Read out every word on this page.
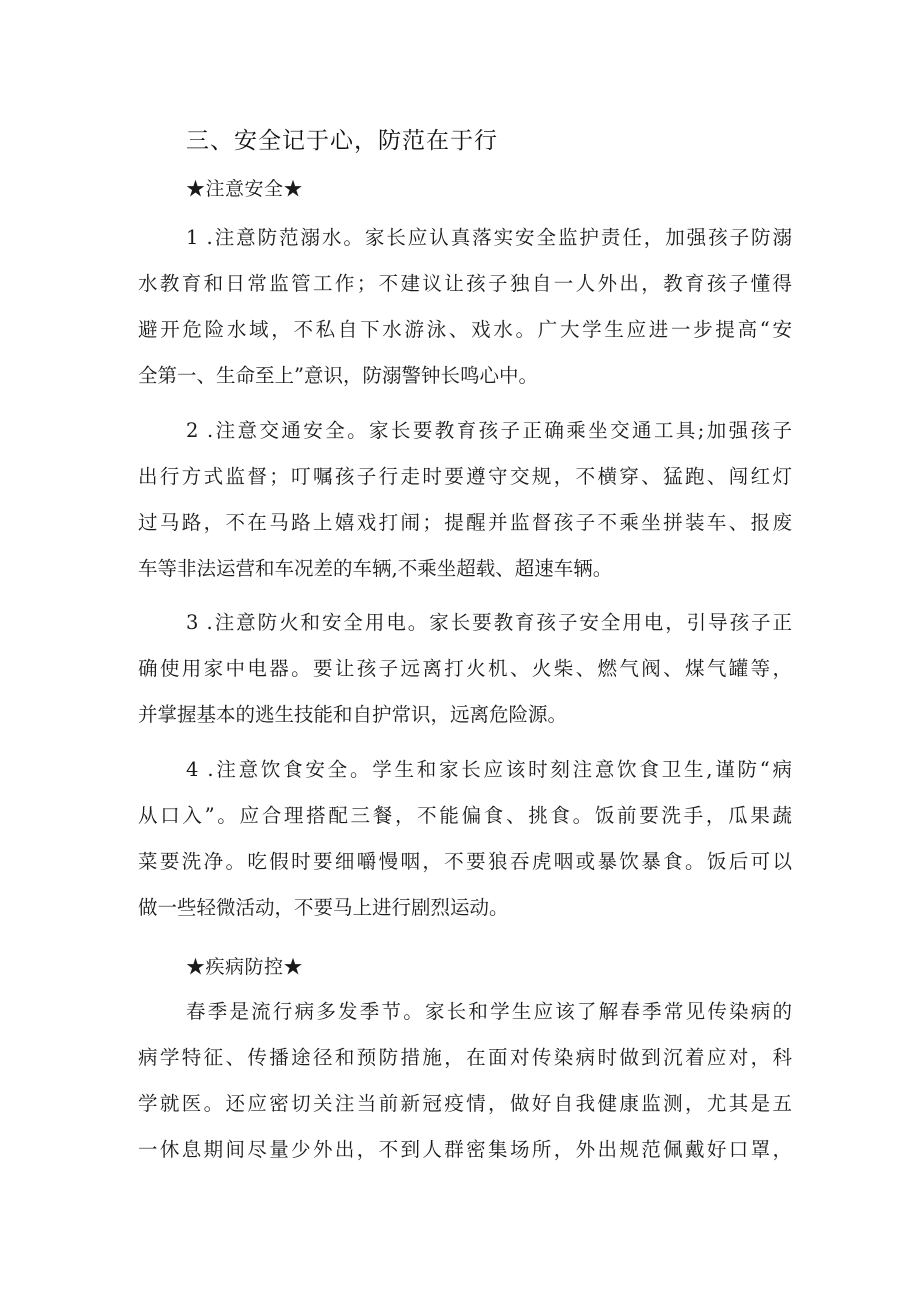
三、安全记于心，防范在于行
★注意安全★
1 .注意防范溺水。家长应认真落实安全监护责任，加强孩子防溺
水教育和日常监管工作；不建议让孩子独自一人外出，教育孩子懂得
避开危险水域，不私自下水游泳、戏水。广大学生应进一步提高“安
全第一、生命至上”意识，防溺警钟长鸣心中。
2 .注意交通安全。家长要教育孩子正确乘坐交通工具;加强孩子
出行方式监督；叮嘱孩子行走时要遵守交规，不横穿、猛跑、闯红灯
过马路，不在马路上嬉戏打闹；提醒并监督孩子不乘坐拼装车、报废
车等非法运营和车况差的车辆,不乘坐超载、超速车辆。
3 .注意防火和安全用电。家长要教育孩子安全用电，引导孩子正
确使用家中电器。要让孩子远离打火机、火柴、燃气阀、煤气罐等，
并掌握基本的逃生技能和自护常识，远离危险源。
4 .注意饮食安全。学生和家长应该时刻注意饮食卫生,谨防“病
从口入”。应合理搭配三餐，不能偏食、挑食。饭前要洗手，瓜果蔬
菜要洗净。吃假时要细嚼慢咽，不要狼吞虎咽或暴饮暴食。饭后可以
做一些轻微活动，不要马上进行剧烈运动。
★疾病防控★
春季是流行病多发季节。家长和学生应该了解春季常见传染病的
病学特征、传播途径和预防措施，在面对传染病时做到沉着应对，科
学就医。还应密切关注当前新冠疫情，做好自我健康监测，尤其是五
一休息期间尽量少外出，不到人群密集场所，外出规范佩戴好口罩，
